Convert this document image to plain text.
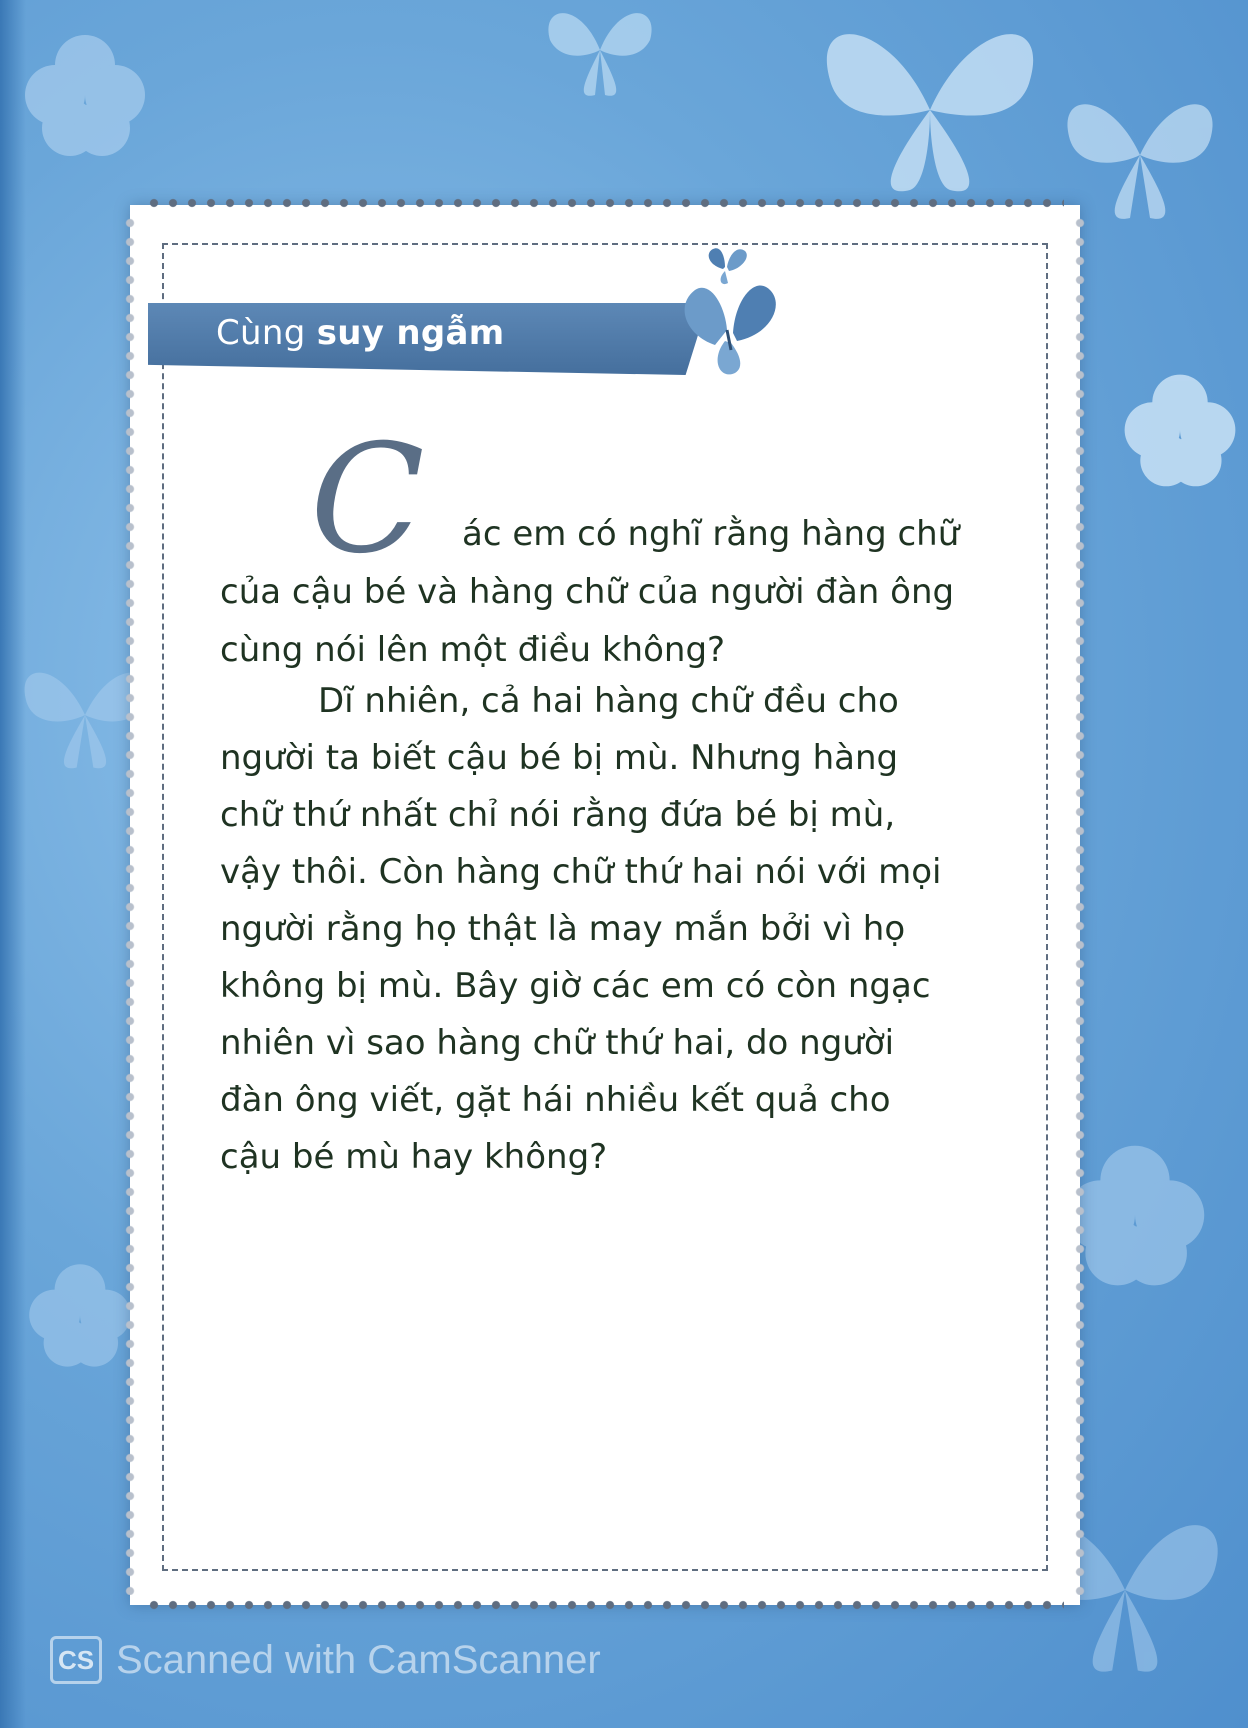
Cùng suy ngẫm
C	ác em có nghĩ rằng hàng chữ
của cậu bé và hàng chữ của người đàn ông
cùng nói lên một điều không?
Dĩ nhiên, cả hai hàng chữ đều cho
người ta biết cậu bé bị mù. Nhưng hàng
chữ thứ nhất chỉ nói rằng đứa bé bị mù,
vậy thôi. Còn hàng chữ thứ hai nói với mọi
người rằng họ thật là may mắn bởi vì họ
không bị mù. Bây giờ các em có còn ngạc
nhiên vì sao hàng chữ thứ hai, do người
đàn ông viết, gặt hái nhiều kết quả cho
cậu bé mù hay không?
CS Scanned with CamScanner
